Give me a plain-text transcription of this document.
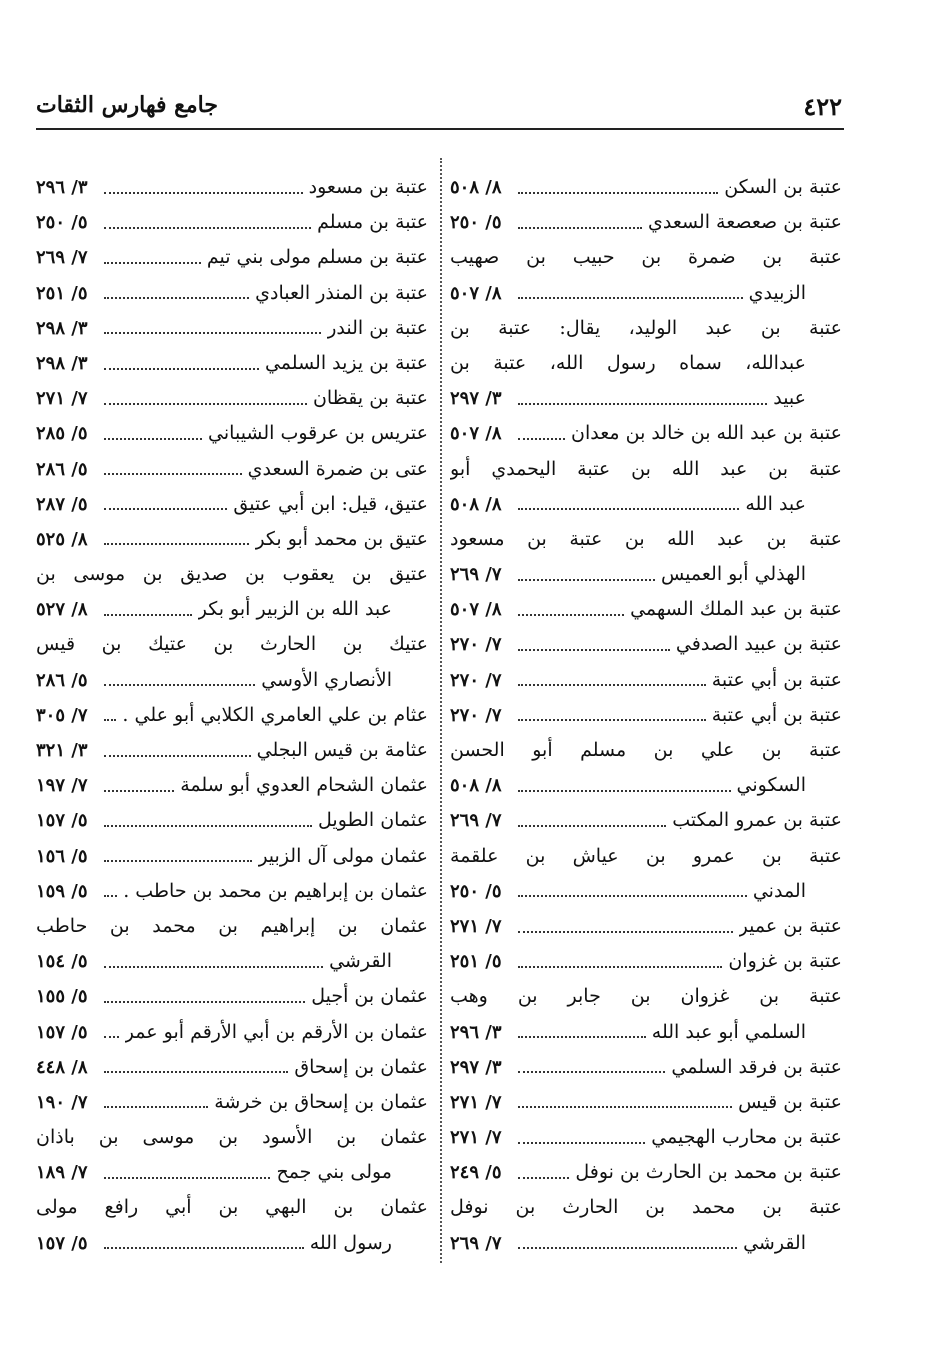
٤٢٢
جامع فهارس الثقات
عتبة بن السكن
٨/ ٥٠٨
عتبة بن صعصعة السعدي
٥/ ٢٥٠
عتبة بن ضمرة بن حبيب بن صهيب
الزبيدي
٨/ ٥٠٧
عتبة بن عبد الوليد، يقال: عتبة بن
عبدالله، سماه رسول الله، عتبة بن
عبيد
٣/ ٢٩٧
عتبة بن عبد الله بن خالد بن معدان
٨/ ٥٠٧
عتبة بن عبد الله بن عتبة اليحمدي أبو
عبد الله
٨/ ٥٠٨
عتبة بن عبد الله بن عتبة بن مسعود
الهذلي أبو العميس
٧/ ٢٦٩
عتبة بن عبد الملك السهمي
٨/ ٥٠٧
عتبة بن عبيد الصدفي
٧/ ٢٧٠
عتبة بن أبي عتبة
٧/ ٢٧٠
عتبة بن أبي عتبة
٧/ ٢٧٠
عتبة بن علي بن مسلم أبو الحسن
السكوني
٨/ ٥٠٨
عتبة بن عمرو المكتب
٧/ ٢٦٩
عتبة بن عمرو بن عياش بن علقمة
المدني
٥/ ٢٥٠
عتبة بن عمير
٧/ ٢٧١
عتبة بن غزوان
٥/ ٢٥١
عتبة بن غزوان بن جابر بن وهب
السلمي أبو عبد الله
٣/ ٢٩٦
عتبة بن فرقد السلمي
٣/ ٢٩٧
عتبة بن قيس
٧/ ٢٧١
عتبة بن محارب الهجيمي
٧/ ٢٧١
عتبة بن محمد بن الحارث بن نوفل
٥/ ٢٤٩
عتبة بن محمد بن الحارث بن نوفل
القرشي
٧/ ٢٦٩
عتبة بن مسعود
٣/ ٢٩٦
عتبة بن مسلم
٥/ ٢٥٠
عتبة بن مسلم مولى بني تيم
٧/ ٢٦٩
عتبة بن المنذر العبادي
٥/ ٢٥١
عتبة بن الندر
٣/ ٢٩٨
عتبة بن يزيد السلمي
٣/ ٢٩٨
عتبة بن يقظان
٧/ ٢٧١
عتريس بن عرقوب الشيباني
٥/ ٢٨٥
عتى بن ضمرة السعدي
٥/ ٢٨٦
عتيق، قيل: ابن أبي عتيق
٥/ ٢٨٧
عتيق بن محمد أبو بكر
٨/ ٥٢٥
عتيق بن يعقوب بن صديق بن موسى بن
عبد الله بن الزبير أبو بكر
٨/ ٥٢٧
عتيك بن الحارث بن عتيك بن قيس
الأنصاري الأوسي
٥/ ٢٨٦
عثام بن علي العامري الكلابي أبو علي .
٧/ ٣٠٥
عثامة بن قيس البجلي
٣/ ٣٢١
عثمان الشحام العدوي أبو سلمة
٧/ ١٩٧
عثمان الطويل
٥/ ١٥٧
عثمان مولى آل الزبير
٥/ ١٥٦
عثمان بن إبراهيم بن محمد بن حاطب .
٥/ ١٥٩
عثمان بن إبراهيم بن محمد بن حاطب
القرشي
٥/ ١٥٤
عثمان بن أجيل
٥/ ١٥٥
عثمان بن الأرقم بن أبي الأرقم أبو عمر
٥/ ١٥٧
عثمان بن إسحاق
٨/ ٤٤٨
عثمان بن إسحاق بن خرشة
٧/ ١٩٠
عثمان بن الأسود بن موسى بن باذان
مولى بني جمح
٧/ ١٨٩
عثمان بن البهي بن أبي رافع مولى
رسول الله
٥/ ١٥٧
